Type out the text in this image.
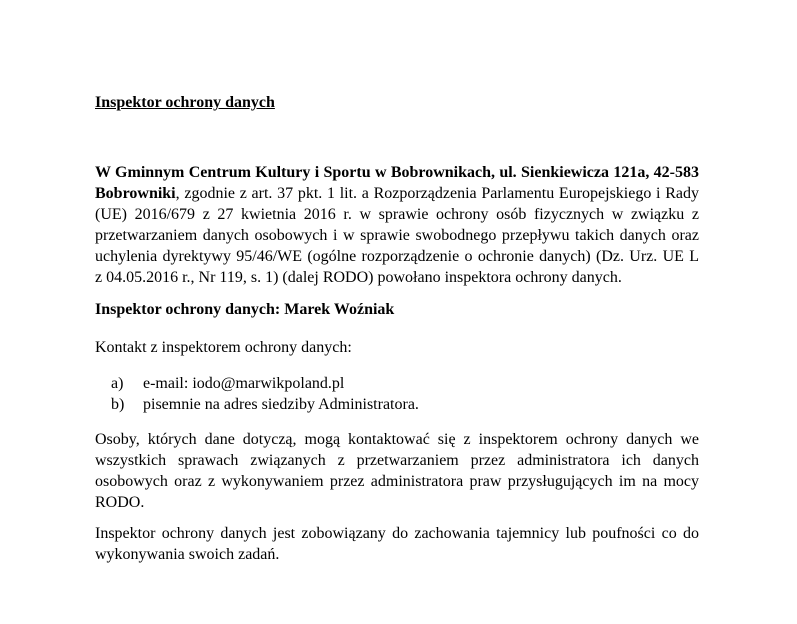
Inspektor ochrony danych
W Gminnym Centrum Kultury i Sportu w Bobrownikach, ul. Sienkiewicza 121a, 42-583
Bobrowniki, zgodnie z art. 37 pkt. 1 lit. a Rozporządzenia Parlamentu Europejskiego i Rady
(UE) 2016/679 z 27 kwietnia 2016 r. w sprawie ochrony osób fizycznych w związku z
przetwarzaniem danych osobowych i w sprawie swobodnego przepływu takich danych oraz
uchylenia dyrektywy 95/46/WE (ogólne rozporządzenie o ochronie danych) (Dz. Urz. UE L
z 04.05.2016 r., Nr 119, s. 1) (dalej RODO) powołano inspektora ochrony danych.
Inspektor ochrony danych: Marek Woźniak
Kontakt z inspektorem ochrony danych:
a) e-mail: iodo@marwikpoland.pl
b) pisemnie na adres siedziby Administratora.
Osoby, których dane dotyczą, mogą kontaktować się z inspektorem ochrony danych we
wszystkich sprawach związanych z przetwarzaniem przez administratora ich danych
osobowych oraz z wykonywaniem przez administratora praw przysługujących im na mocy
RODO.
Inspektor ochrony danych jest zobowiązany do zachowania tajemnicy lub poufności co do
wykonywania swoich zadań.
